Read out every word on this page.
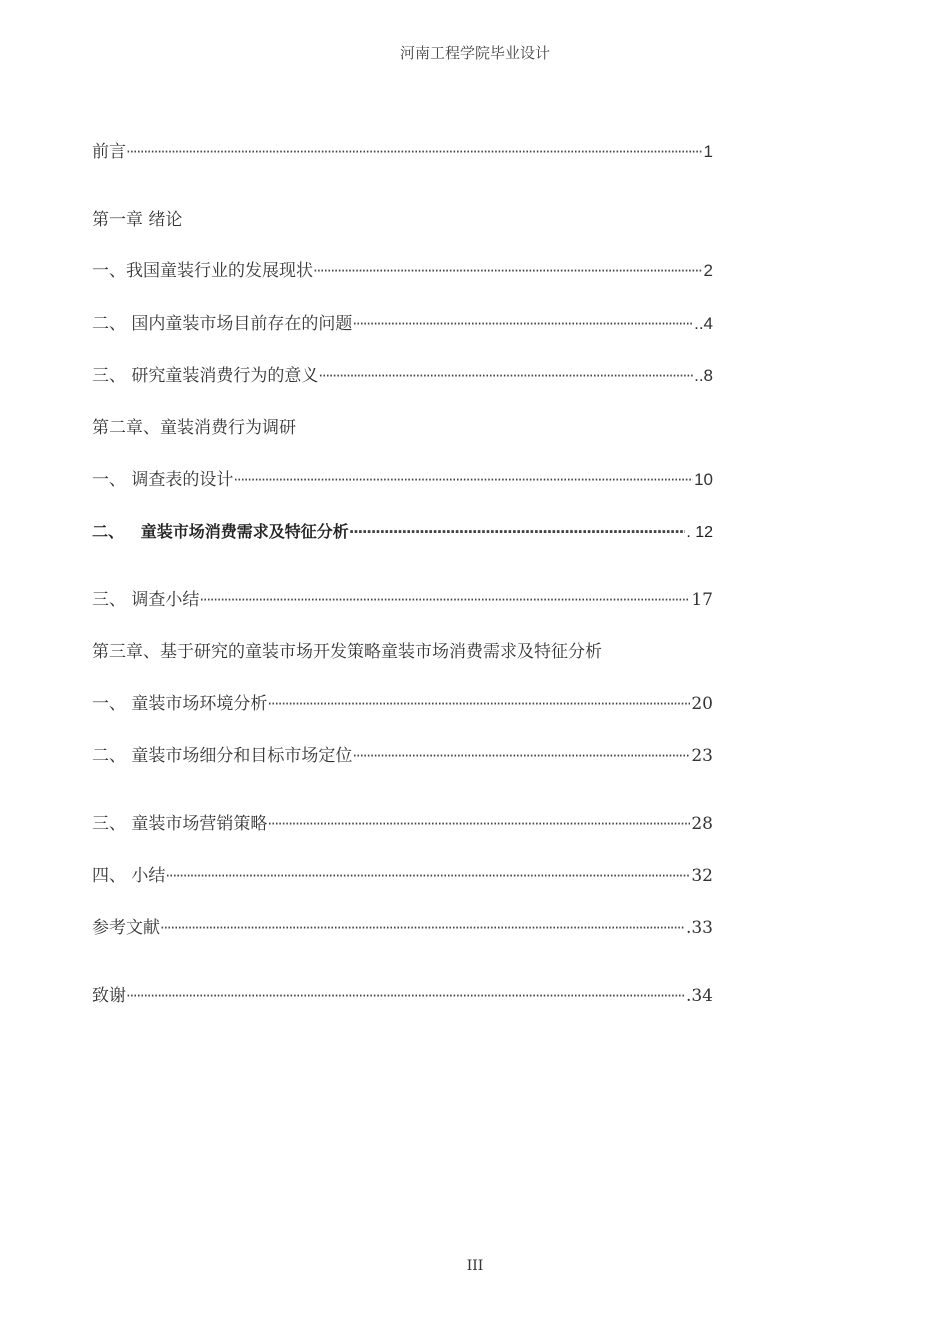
河南工程学院毕业设计
前言 ·····	1
第一章 绪论
一、我国童装行业的发展现状 ·····	2
二、 国内童装市场目前存在的问题 ·····	..4
三、 研究童装消费行为的意义 ·····	..8
第二章、童装消费行为调研
一、 调查表的设计 ·····	10
二、   童装市场消费需求及特征分析 ·····	. 12
三、 调查小结 ·····	17
第三章、基于研究的童装市场开发策略童装市场消费需求及特征分析
一、 童装市场环境分析 ·····	20
二、 童装市场细分和目标市场定位 ·····	23
三、 童装市场营销策略 ·····	28
四、 小结 ·····	32
参考文献 ·····	.33
致谢 ·····	.34
III
